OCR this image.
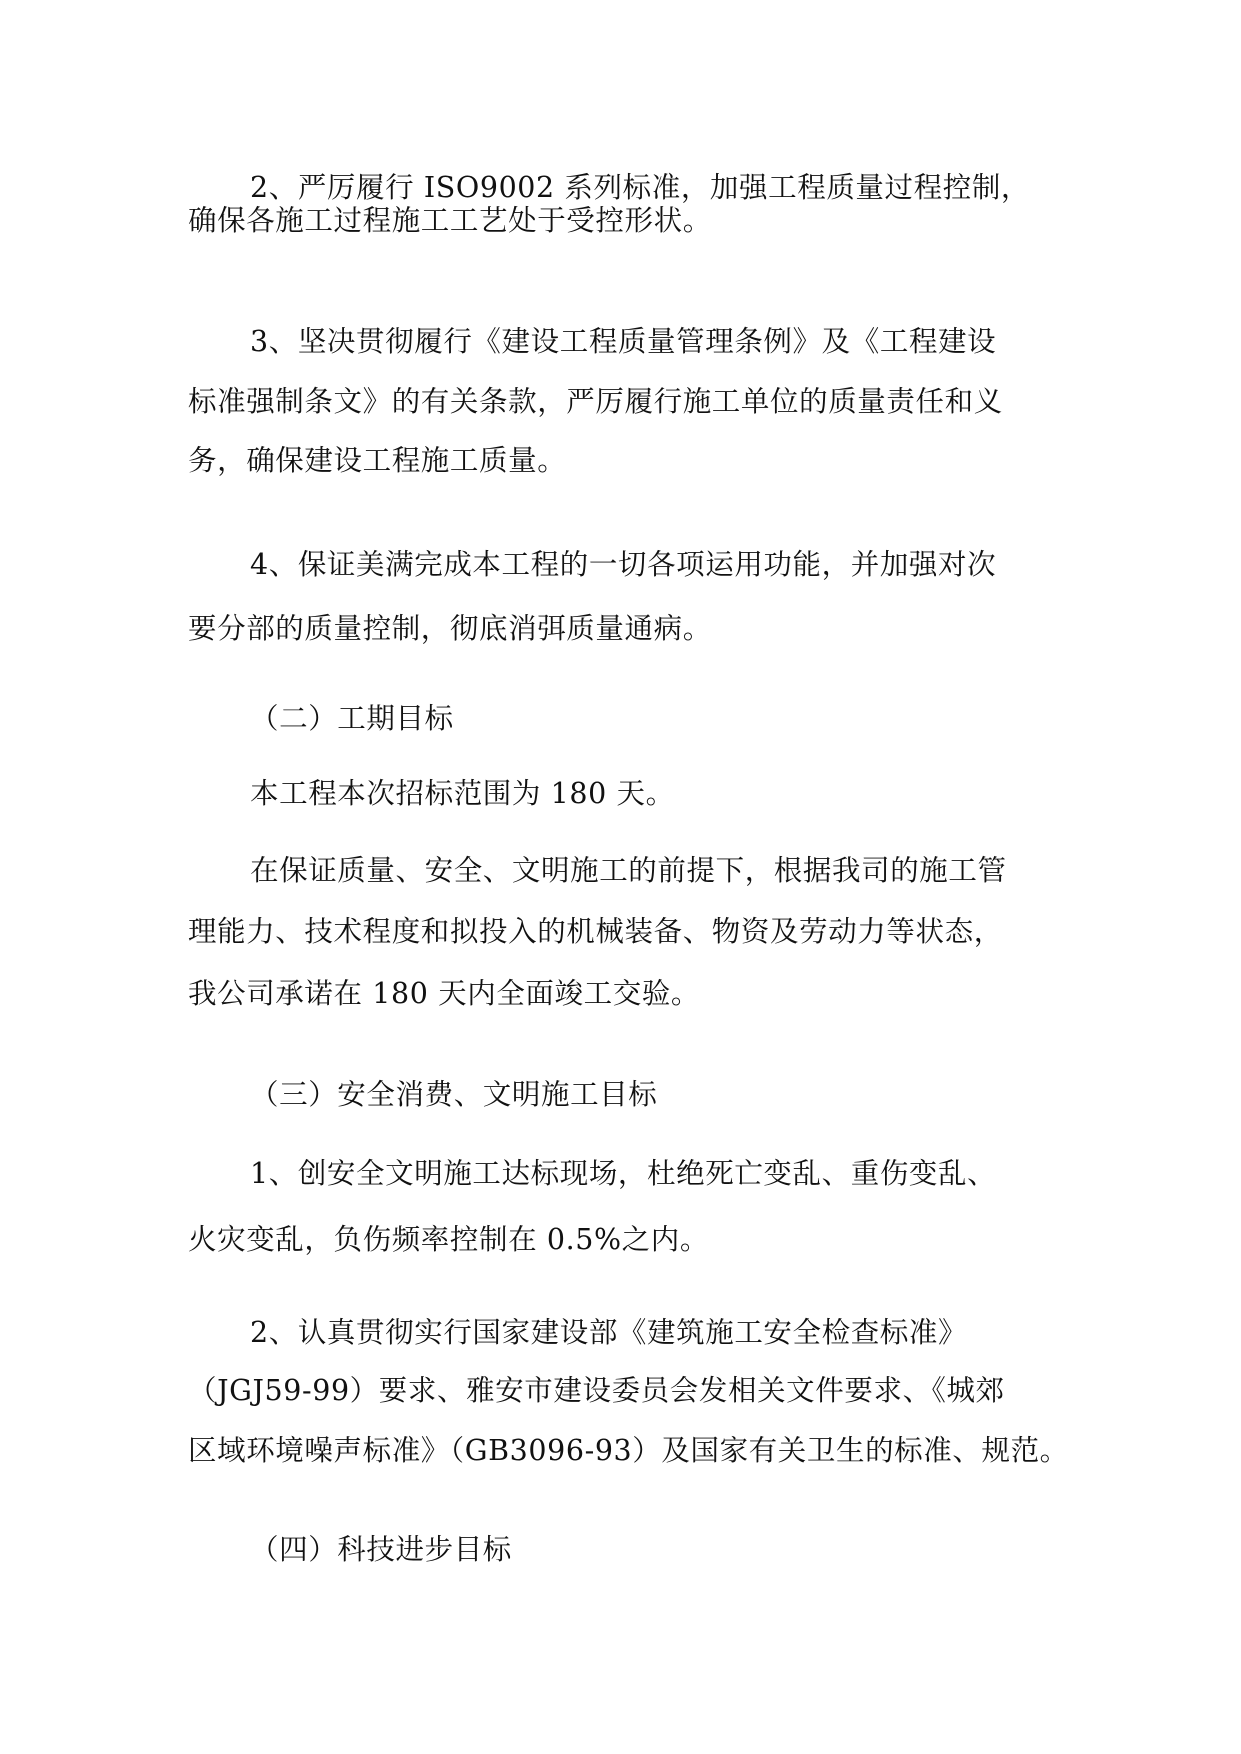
2、严厉履行 ISO9002 系列标准，加强工程质量过程控制，
确保各施工过程施工工艺处于受控形状。
3、坚决贯彻履行《建设工程质量管理条例》及《工程建设
标准强制条文》的有关条款，严厉履行施工单位的质量责任和义
务，确保建设工程施工质量。
4、保证美满完成本工程的一切各项运用功能，并加强对次
要分部的质量控制，彻底消弭质量通病。
（二）工期目标
本工程本次招标范围为 180 天。
在保证质量、安全、文明施工的前提下，根据我司的施工管
理能力、技术程度和拟投入的机械装备、物资及劳动力等状态，
我公司承诺在 180 天内全面竣工交验。
（三）安全消费、文明施工目标
1、创安全文明施工达标现场，杜绝死亡变乱、重伤变乱、
火灾变乱，负伤频率控制在 0.5%之内。
2、认真贯彻实行国家建设部《建筑施工安全检查标准》
（JGJ59-99）要求、雅安市建设委员会发相关文件要求、《城郊
区域环境噪声标准》（GB3096-93）及国家有关卫生的标准、规范。
（四）科技进步目标
